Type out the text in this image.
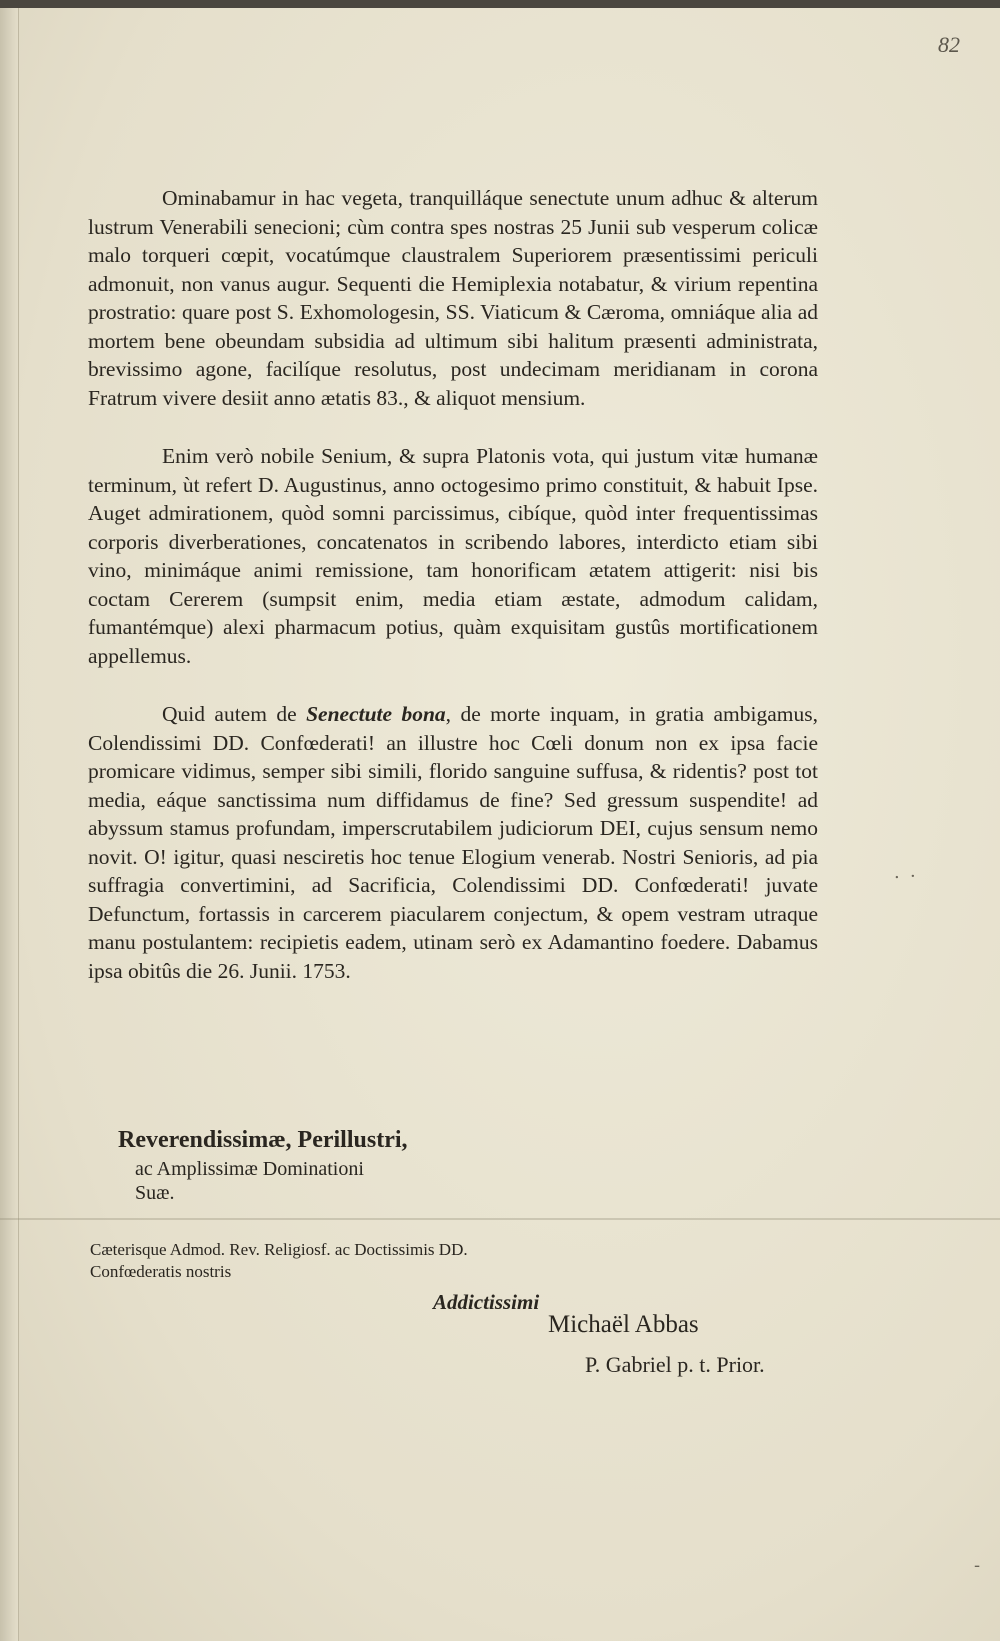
82

Ominabamur in hac vegeta, tranquilláque senectute unum adhuc & alterum lustrum Venerabili senecioni; cùm contra spes nostras 25 Junii sub vesperum colicæ malo torqueri cœpit, vocatúmque claustralem Superiorem præsentissimi periculi admonuit, non vanus augur. Sequenti die Hemiplexia notabatur, & virium repentina prostratio: quare post S. Exhomologesin, SS. Viaticum & Cæroma, omniáque alia ad mortem bene obeundam subsidia ad ultimum sibi halitum præsenti administrata, brevissimo agone, facilíque resolutus, post undecimam meridianam in corona Fratrum vivere desiit anno ætatis 83., & aliquot mensium.

Enim verò nobile Senium, & supra Platonis vota, qui justum vitæ humanæ terminum, ùt refert D. Augustinus, anno octogesimo primo constituit, & habuit Ipse. Auget admirationem, quòd somni parcissimus, cibíque, quòd inter frequentissimas corporis diverberationes, concatenatos in scribendo labores, interdicto etiam sibi vino, minimáque animi remissione, tam honorificam ætatem attigerit: nisi bis coctam Cererem (sumpsit enim, media etiam æstate, admodum calidam, fumantémque) alexi pharmacum potius, quàm exquisitam gustûs mortificationem appellemus.

Quid autem de Senectute bona, de morte inquam, in gratia ambigamus, Colendissimi DD. Confœderati! an illustre hoc Cœli donum non ex ipsa facie promicare vidimus, semper sibi simili, florido sanguine suffusa, & ridentis? post tot media, eáque sanctissima num diffidamus de fine? Sed gressum suspendite! ad abyssum stamus profundam, imperscrutabilem judiciorum DEI, cujus sensum nemo novit. O! igitur, quasi nesciretis hoc tenue Elogium venerab. Nostri Senioris, ad pia suffragia convertimini, ad Sacrificia, Colendissimi DD. Confœderati! juvate Defunctum, fortassis in carcerem piacularem conjectum, & opem vestram utraque manu postulantem: recipietis eadem, utinam serò ex Adamantino foedere. Dabamus ipsa obitûs die 26. Junii. 1753.

Reverendissimæ, Perillustri,
ac Amplissimæ Dominationi
Suæ.
Cæterisque Admod. Rev. Religiosf. ac Doctissimis DD. Confœderatis nostris
Addictissimi
Michaël Abbas
P. Gabriel p. t. Prior.
. ·
-
